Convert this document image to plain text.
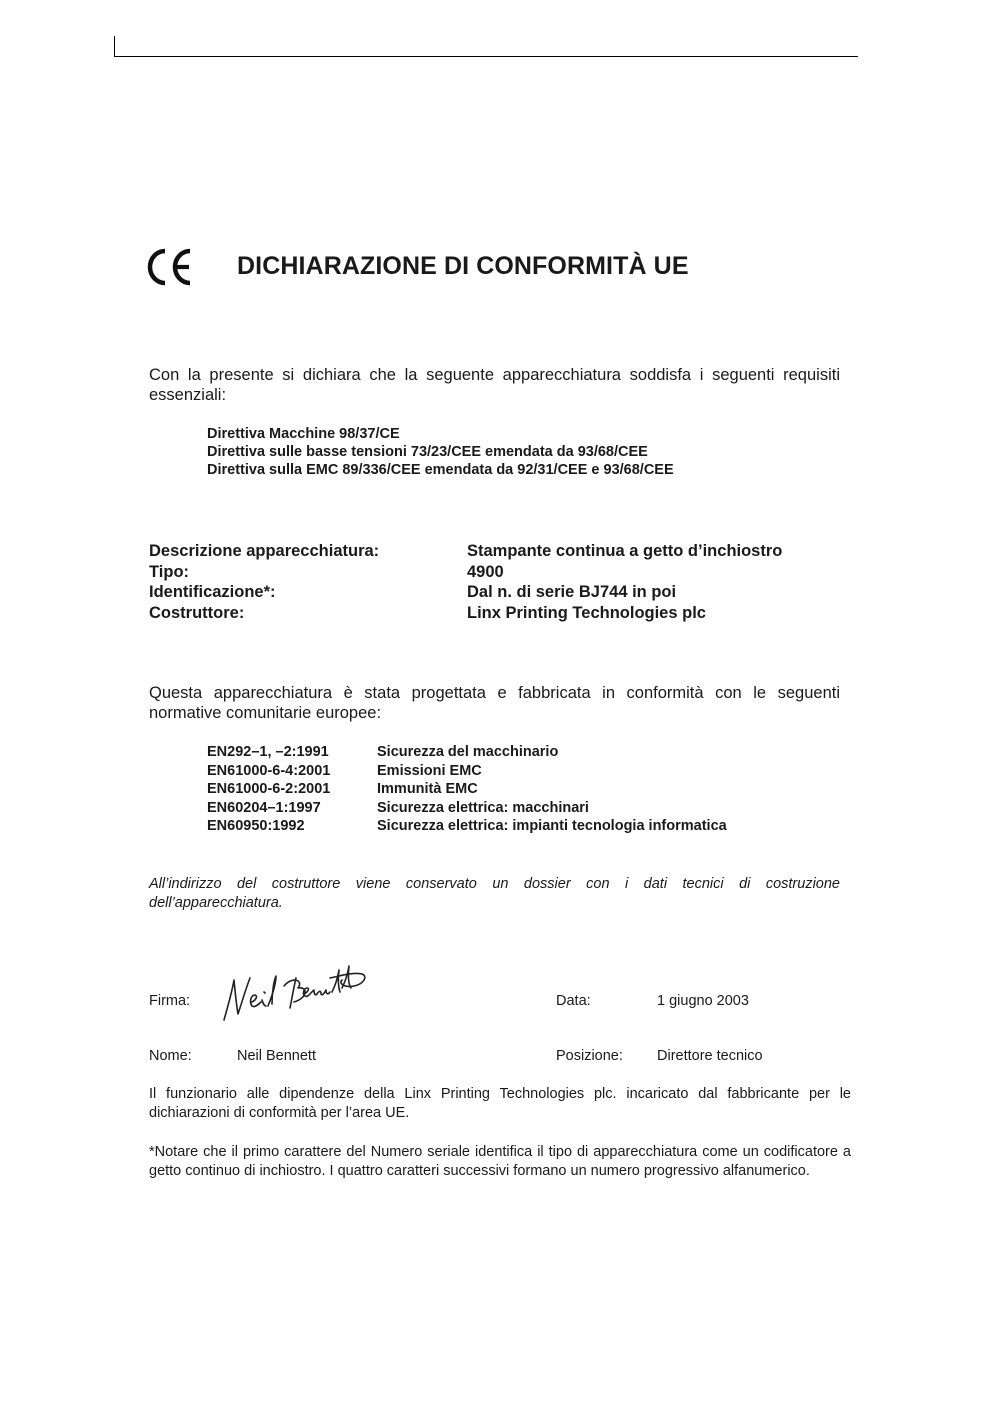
DICHIARAZIONE DI CONFORMITÀ UE
Con la presente si dichiara che la seguente apparecchiatura soddisfa i seguenti requisiti essenziali:
Direttiva Macchine 98/37/CE
Direttiva sulle basse tensioni 73/23/CEE emendata da 93/68/CEE
Direttiva sulla EMC 89/336/CEE emendata da 92/31/CEE e 93/68/CEE
Descrizione apparecchiatura:	Stampante continua a getto d’inchiostro
Tipo:	4900
Identificazione*:	Dal n. di serie BJ744 in poi
Costruttore:	Linx Printing Technologies plc
Questa apparecchiatura è stata progettata e fabbricata in conformità con le seguenti normative comunitarie europee:
EN292–1, –2:1991	Sicurezza del macchinario
EN61000-6-4:2001	Emissioni EMC
EN61000-6-2:2001	Immunità EMC
EN60204–1:1997	Sicurezza elettrica: macchinari
EN60950:1992	Sicurezza elettrica: impianti tecnologia informatica
All’indirizzo del costruttore viene conservato un dossier con i dati tecnici di costruzione dell’apparecchiatura.
Firma:	Data:	1 giugno 2003
Nome:	Neil Bennett	Posizione: Direttore tecnico
Il funzionario alle dipendenze della Linx Printing Technologies plc. incaricato dal fabbricante per le dichiarazioni di conformità per l’area UE.
*Notare che il primo carattere del Numero seriale identifica il tipo di apparecchiatura come un codificatore a getto continuo di inchiostro. I quattro caratteri successivi formano un numero progressivo alfanumerico.
